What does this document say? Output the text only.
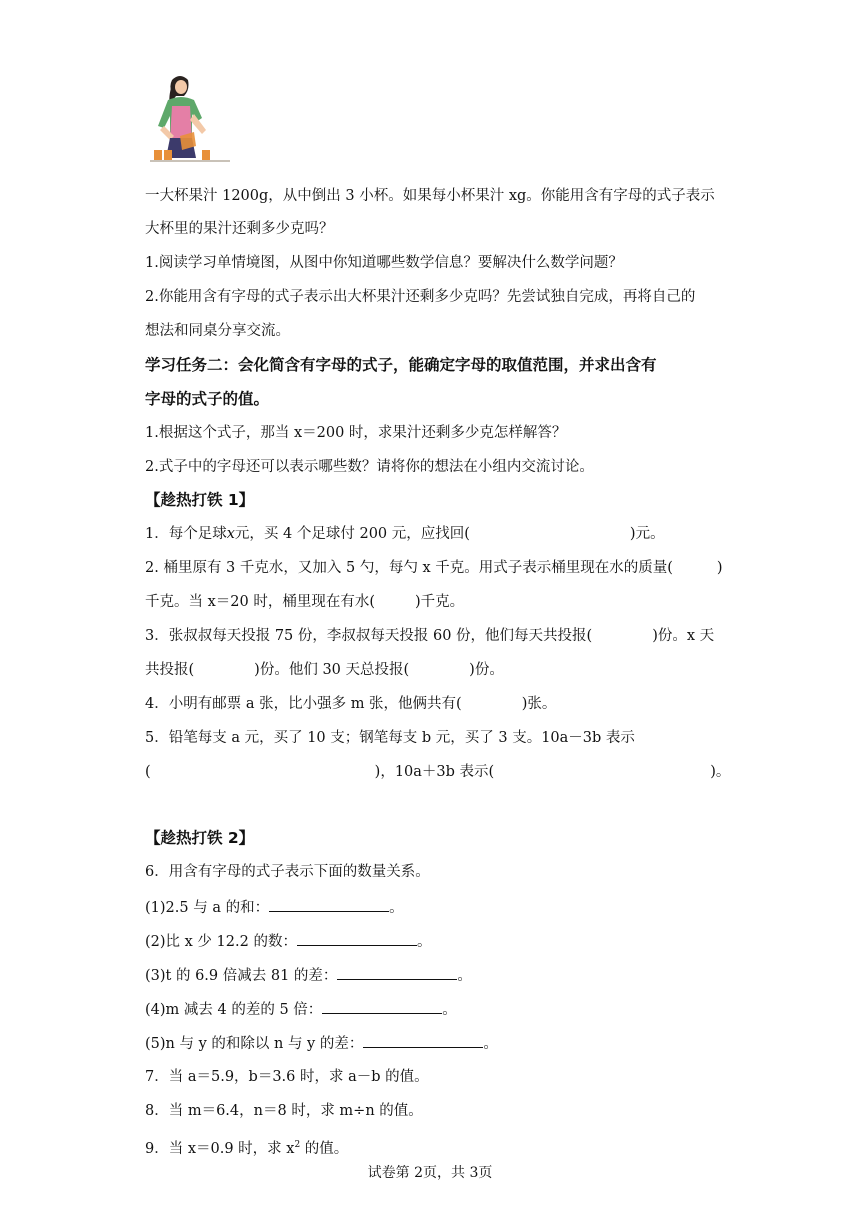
一大杯果汁 1200g，从中倒出 3 小杯。如果每小杯果汁 xg。你能用含有字母的式子表示
大杯里的果汁还剩多少克吗？
1.阅读学习单情境图，从图中你知道哪些数学信息？要解决什么数学问题？
2.你能用含有字母的式子表示出大杯果汁还剩多少克吗？先尝试独自完成，再将自己的
想法和同桌分享交流。
学习任务二：会化简含有字母的式子，能确定字母的取值范围，并求出含有
字母的式子的值。
1.根据这个式子，那当 x＝200 时，求果汁还剩多少克怎样解答？
2.式子中的字母还可以表示哪些数？请将你的想法在小组内交流讨论。
【趁热打铁 1】
1．每个足球x元，买 4 个足球付 200 元，应找回(	)元。
2. 桶里原有 3 千克水，又加入 5 勺，每勺 x 千克。用式子表示桶里现在水的质量(	)
千克。当 x＝20 时，桶里现在有水(	)千克。
3．张叔叔每天投报 75 份，李叔叔每天投报 60 份，他们每天共投报(	)份。x 天
共投报(	)份。他们 30 天总投报(	)份。
4．小明有邮票 a 张，比小强多 m 张，他俩共有(	)张。
5．铅笔每支 a 元，买了 10 支；钢笔每支 b 元，买了 3 支。10a－3b 表示
(	)，10a＋3b 表示(	)。
【趁热打铁 2】
6．用含有字母的式子表示下面的数量关系。
(1)2.5 与 a 的和：	。
(2)比 x 少 12.2 的数：	。
(3)t 的 6.9 倍减去 81 的差：	。
(4)m 减去 4 的差的 5 倍：	。
(5)n 与 y 的和除以 n 与 y 的差：	。
7．当 a＝5.9，b＝3.6 时，求 a－b 的值。
8．当 m＝6.4，n＝8 时，求 m÷n 的值。
9．当 x＝0.9 时，求 $x^2$ 的值。
试卷第 2页，共 3页
